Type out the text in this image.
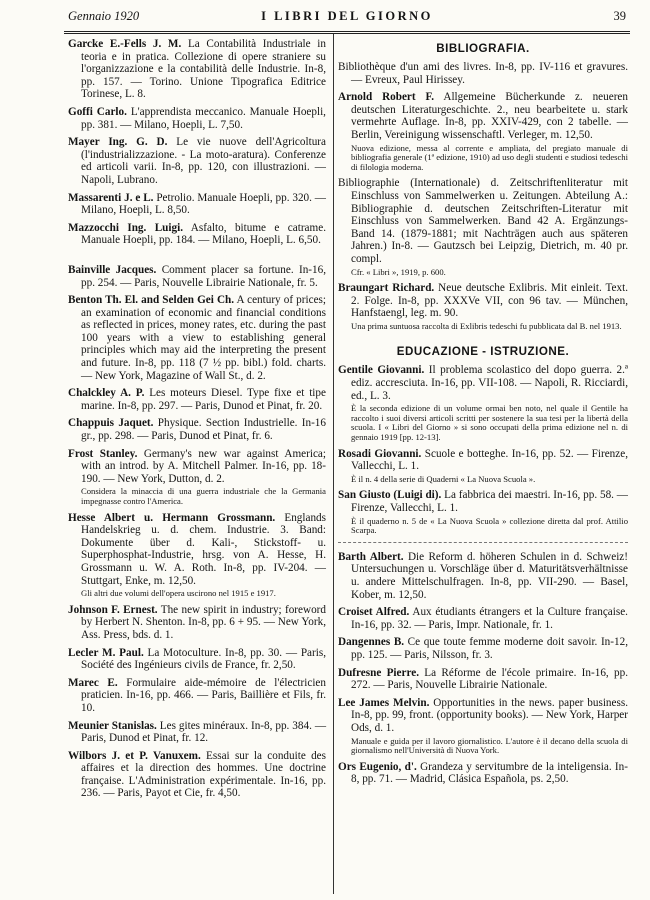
Gennaio 1920	I LIBRI DEL GIORNO	39
Garcke E.-Fells J. M. La Contabilità Industriale in teoria e in pratica. Collezione di opere straniere su l'organizzazione e la contabilità delle Industrie. In-8, pp. 157. — Torino. Unione Tipografica Editrice Torinese, L. 8.
Goffi Carlo. L'apprendista meccanico. Manuale Hoepli, pp. 381. — Milano, Hoepli, L. 7,50.
Mayer Ing. G. D. Le vie nuove dell'Agricoltura (l'industrializzazione. - La moto-aratura). Conferenze ed articoli varii. In-8, pp. 120, con illustrazioni. — Napoli, Lubrano.
Massarenti J. e L. Petrolio. Manuale Hoepli, pp. 320. — Milano, Hoepli, L. 8,50.
Mazzocchi Ing. Luigi. Asfalto, bitume e catrame. Manuale Hoepli, pp. 184. — Milano, Hoepli, L. 6,50.
Bainville Jacques. Comment placer sa fortune. In-16, pp. 254. — Paris, Nouvelle Librairie Nationale, fr. 5.
Benton Th. El. and Selden Gei Ch. A century of prices; an examination of economic and financial conditions as reflected in prices, money rates, etc. during the past 100 years with a view to establishing general principles which may aid the interpreting the present and future. In-8, pp. 118 (7 ½ pp. bibl.) fold. charts. — New York, Magazine of Wall St., d. 2.
Chalckley A. P. Les moteurs Diesel. Type fixe et tipe marine. In-8, pp. 297. — Paris, Dunod et Pinat, fr. 20.
Chappuis Jaquet. Physique. Section Industrielle. In-16 gr., pp. 298. — Paris, Dunod et Pinat, fr. 6.
Frost Stanley. Germany's new war against America; with an introd. by A. Mitchell Palmer. In-16, pp. 18-190. — New York, Dutton, d. 2.
Considera la minaccia di una guerra industriale che la Germania impegnasse contro l'America.
Hesse Albert u. Hermann Grossmann. Englands Handelskrieg u. d. chem. Industrie. 3. Band: Dokumente über d. Kali-, Stickstoff- u. Superphosphat-Industrie, hrsg. von A. Hesse, H. Grossmann u. W. A. Roth. In-8, pp. IV-204. — Stuttgart, Enke, m. 12,50.
Gli altri due volumi dell'opera uscirono nel 1915 e 1917.
Johnson F. Ernest. The new spirit in industry; foreword by Herbert N. Shenton. In-8, pp. 6 + 95. — New York, Ass. Press, bds. d. 1.
Lecler M. Paul. La Motoculture. In-8, pp. 30. — Paris, Société des Ingénieurs civils de France, fr. 2,50.
Marec E. Formulaire aide-mémoire de l'électricien praticien. In-16, pp. 466. — Paris, Baillière et Fils, fr. 10.
Meunier Stanislas. Les gites minéraux. In-8, pp. 384. — Paris, Dunod et Pinat, fr. 12.
Wilbors J. et P. Vanuxem. Essai sur la conduite des affaires et la direction des hommes. Une doctrine française. L'Administration expérimentale. In-16, pp. 236. — Paris, Payot et Cie, fr. 4,50.
BIBLIOGRAFIA.
Bibliothèque d'un ami des livres. In-8, pp. IV-116 et gravures. — Evreux, Paul Hirissey.
Arnold Robert F. Allgemeine Bücherkunde z. neueren deutschen Literaturgeschichte. 2., neu bearbeitete u. stark vermehrte Auflage. In-8, pp. XXIV-429, con 2 tabelle. — Berlin, Vereinigung wissenschaftl. Verleger, m. 12,50.
Nuova edizione, messa al corrente e ampliata, del pregiato manuale di bibliografia generale (1ª edizione, 1910) ad uso degli studenti e studiosi tedeschi di filologia moderna.
Bibliographie (Internationale) d. Zeitschriftenliteratur mit Einschluss von Sammelwerken u. Zeitungen. Abteilung A.: Bibliographie d. deutschen Zeitschriften-Literatur mit Einschluss von Sammelwerken. Band 42 A. Ergänzungs-Band 14. (1879-1881; mit Nachträgen auch aus späteren Jahren.) In-8. — Gautzsch bei Leipzig, Dietrich, m. 40 pr. compl.
Cfr. « Libri », 1919, p. 600.
Braungart Richard. Neue deutsche Exlibris. Mit einleit. Text. 2. Folge. In-8, pp. XXXVe VII, con 96 tav. — München, Hanfstaengl, leg. m. 90.
Una prima suntuosa raccolta di Exlibris tedeschi fu pubblicata dal B. nel 1913.
EDUCAZIONE - ISTRUZIONE.
Gentile Giovanni. Il problema scolastico del dopo guerra. 2.ª ediz. accresciuta. In-16, pp. VII-108. — Napoli, R. Ricciardi, ed., L. 3.
È la seconda edizione di un volume ormai ben noto, nel quale il Gentile ha raccolto i suoi diversi articoli scritti per sostenere la sua tesi per la libertà della scuola. I « Libri del Giorno » si sono occupati della prima edizione nel n. di gennaio 1919 [pp. 12-13].
Rosadi Giovanni. Scuole e botteghe. In-16, pp. 52. — Firenze, Vallecchi, L. 1.
È il n. 4 della serie di Quaderni « La Nuova Scuola ».
San Giusto (Luigi di). La fabbrica dei maestri. In-16, pp. 58. — Firenze, Vallecchi, L. 1.
È il quaderno n. 5 de « La Nuova Scuola » collezione diretta dal prof. Attilio Scarpa.
Barth Albert. Die Reform d. höheren Schulen in d. Schweiz! Untersuchungen u. Vorschläge über d. Maturitätsverhältnisse u. andere Mittelschulfragen. In-8, pp. VII-290. — Basel, Kober, m. 12,50.
Croiset Alfred. Aux étudiants étrangers et la Culture française. In-16, pp. 32. — Paris, Impr. Nationale, fr. 1.
Dangennes B. Ce que toute femme moderne doit savoir. In-12, pp. 125. — Paris, Nilsson, fr. 3.
Dufresne Pierre. La Réforme de l'école primaire. In-16, pp. 272. — Paris, Nouvelle Librairie Nationale.
Lee James Melvin. Opportunities in the news. paper business. In-8, pp. 99, front. (opportunity books). — New York, Harper Ods, d. 1.
Manuale e guida per il lavoro giornalistico. L'autore è il decano della scuola di giornalismo nell'Università di Nuova York.
Ors Eugenio, d'. Grandeza y servitumbre de la inteligensia. In-8, pp. 71. — Madrid, Clásica Española, ps. 2,50.
